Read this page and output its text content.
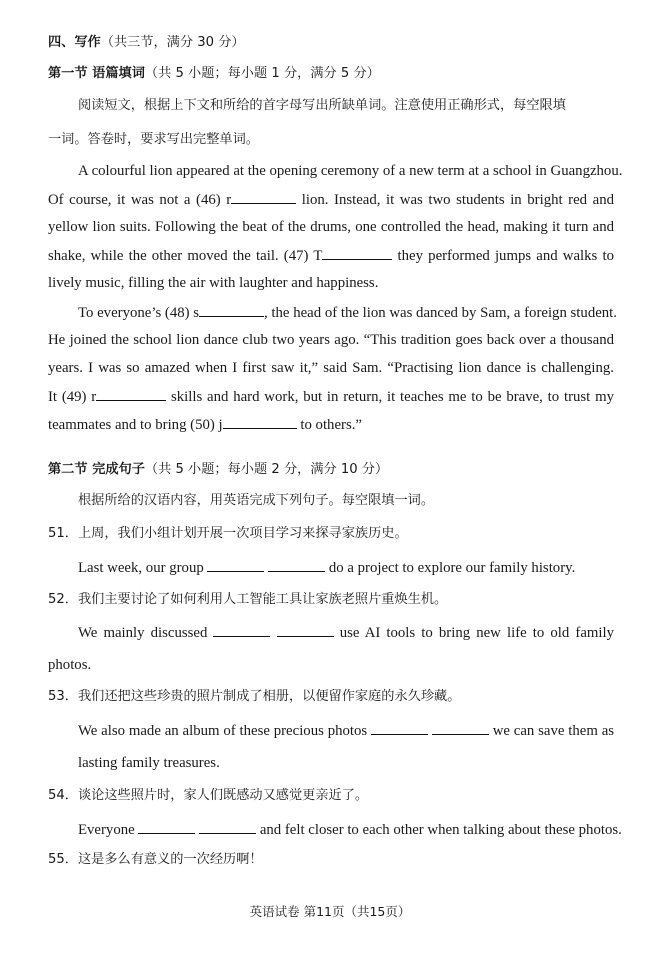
四、写作（共三节，满分 30 分）
第一节 语篇填词（共 5 小题；每小题 1 分，满分 5 分）
阅读短文，根据上下文和所给的首字母写出所缺单词。注意使用正确形式，每空限填
一词。答卷时，要求写出完整单词。
A colourful lion appeared at the opening ceremony of a new term at a school in Guangzhou.
Of course, it was not a (46) r	lion. Instead, it was two students in bright red and
yellow lion suits. Following the beat of the drums, one controlled the head, making it turn and
shake, while the other moved the tail. (47) T	they performed jumps and walks to
lively music, filling the air with laughter and happiness.
To everyone’s (48) s	, the head of the lion was danced by Sam, a foreign student.
He joined the school lion dance club two years ago. “This tradition goes back over a thousand
years. I was so amazed when I first saw it,” said Sam. “Practising lion dance is challenging.
It (49) r	skills and hard work, but in return, it teaches me to be brave, to trust my
teammates and to bring (50) j	to others.”
第二节 完成句子（共 5 小题；每小题 2 分，满分 10 分）
根据所给的汉语内容，用英语完成下列句子。每空限填一词。
51．上周，我们小组计划开展一次项目学习来探寻家族历史。
Last week, our group	do a project to explore our family history.
52．我们主要讨论了如何利用人工智能工具让家族老照片重焕生机。
We mainly discussed	use AI tools to bring new life to old family
photos.
53．我们还把这些珍贵的照片制成了相册，以便留作家庭的永久珍藏。
We also made an album of these precious photos	we can save them as
lasting family treasures.
54．谈论这些照片时，家人们既感动又感觉更亲近了。
Everyone	and felt closer to each other when talking about these photos.
55．这是多么有意义的一次经历啊！
英语试卷 第11页（共15页）
